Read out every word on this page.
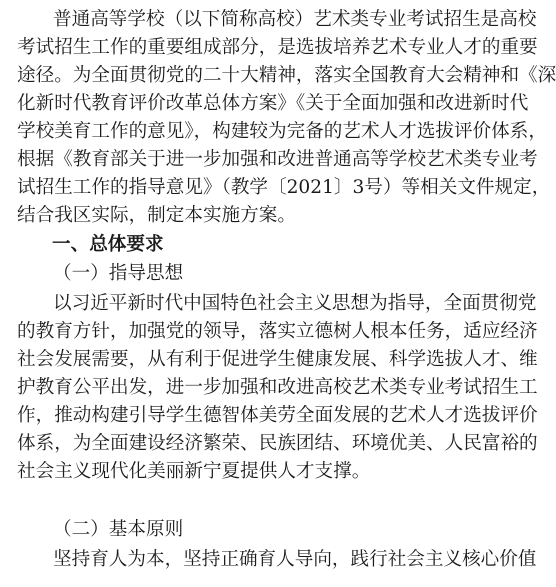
普通高等学校（以下简称高校）艺术类专业考试招生是高校
考试招生工作的重要组成部分，是选拔培养艺术专业人才的重要
途径。为全面贯彻党的二十大精神，落实全国教育大会精神和《深
化新时代教育评价改革总体方案》《关于全面加强和改进新时代
学校美育工作的意见》，构建较为完备的艺术人才选拔评价体系，
根据《教育部关于进一步加强和改进普通高等学校艺术类专业考
试招生工作的指导意见》（教学〔2021〕3号）等相关文件规定，
结合我区实际，制定本实施方案。
一、总体要求
（一）指导思想
以习近平新时代中国特色社会主义思想为指导，全面贯彻党
的教育方针，加强党的领导，落实立德树人根本任务，适应经济
社会发展需要，从有利于促进学生健康发展、科学选拔人才、维
护教育公平出发，进一步加强和改进高校艺术类专业考试招生工
作，推动构建引导学生德智体美劳全面发展的艺术人才选拔评价
体系，为全面建设经济繁荣、民族团结、环境优美、人民富裕的
社会主义现代化美丽新宁夏提供人才支撑。
（二）基本原则
坚持育人为本，坚持正确育人导向，践行社会主义核心价值
